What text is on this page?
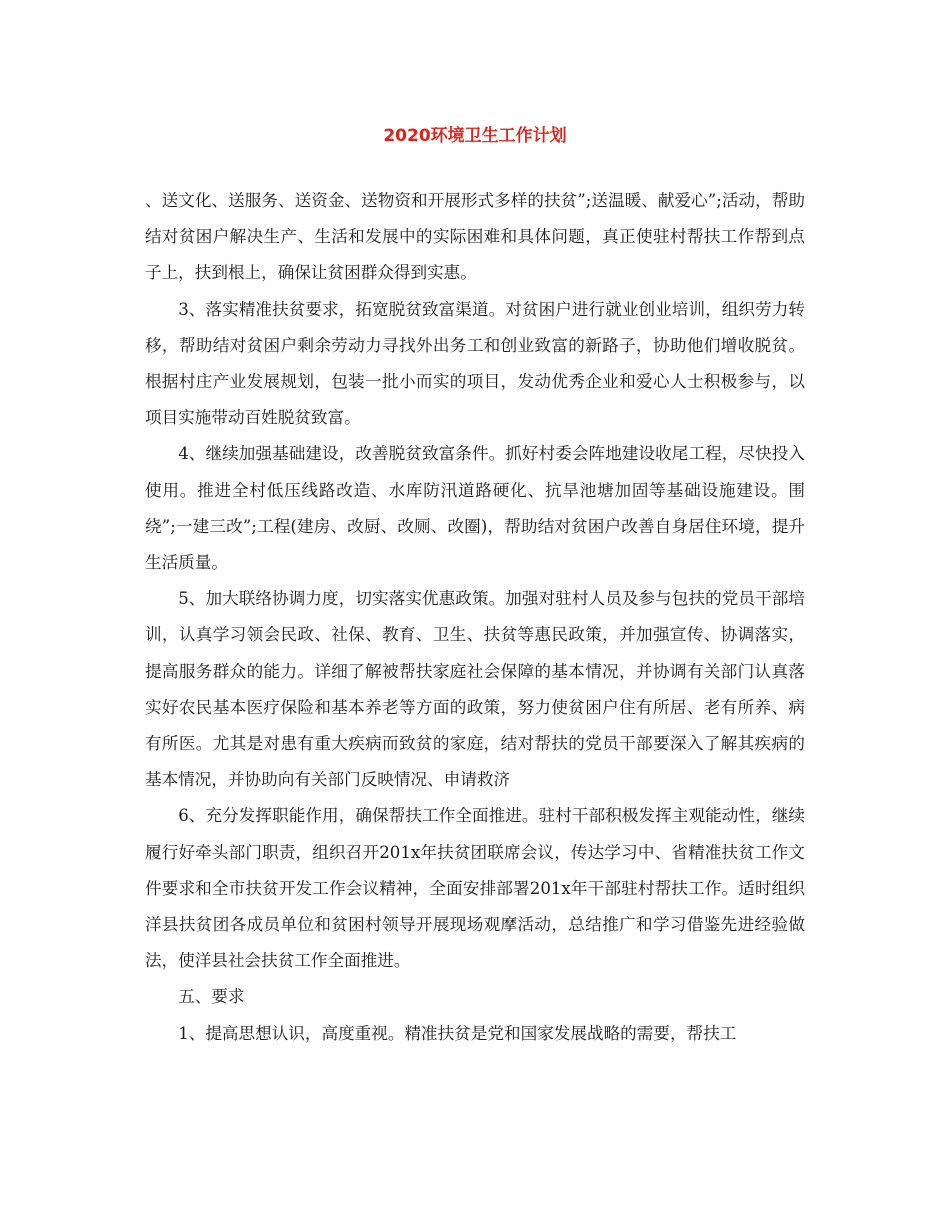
2020环境卫生工作计划

、送文化、送服务、送资金、送物资和开展形式多样的扶贫”;送温暖、献爱心”;活动，帮助结对贫困户解决生产、生活和发展中的实际困难和具体问题，真正使驻村帮扶工作帮到点子上，扶到根上，确保让贫困群众得到实惠。

3、落实精准扶贫要求，拓宽脱贫致富渠道。对贫困户进行就业创业培训，组织劳力转移，帮助结对贫困户剩余劳动力寻找外出务工和创业致富的新路子，协助他们增收脱贫。根据村庄产业发展规划，包装一批小而实的项目，发动优秀企业和爱心人士积极参与，以项目实施带动百姓脱贫致富。

4、继续加强基础建设，改善脱贫致富条件。抓好村委会阵地建设收尾工程，尽快投入使用。推进全村低压线路改造、水库防汛道路硬化、抗旱池塘加固等基础设施建设。围绕”;一建三改”;工程(建房、改厨、改厕、改圈)，帮助结对贫困户改善自身居住环境，提升生活质量。

5、加大联络协调力度，切实落实优惠政策。加强对驻村人员及参与包扶的党员干部培训，认真学习领会民政、社保、教育、卫生、扶贫等惠民政策，并加强宣传、协调落实，提高服务群众的能力。详细了解被帮扶家庭社会保障的基本情况，并协调有关部门认真落实好农民基本医疗保险和基本养老等方面的政策，努力使贫困户住有所居、老有所养、病有所医。尤其是对患有重大疾病而致贫的家庭，结对帮扶的党员干部要深入了解其疾病的基本情况，并协助向有关部门反映情况、申请救济

6、充分发挥职能作用，确保帮扶工作全面推进。驻村干部积极发挥主观能动性，继续履行好牵头部门职责，组织召开201x年扶贫团联席会议，传达学习中、省精准扶贫工作文件要求和全市扶贫开发工作会议精神，全面安排部署201x年干部驻村帮扶工作。适时组织洋县扶贫团各成员单位和贫困村领导开展现场观摩活动，总结推广和学习借鉴先进经验做法，使洋县社会扶贫工作全面推进。

五、要求

1、提高思想认识，高度重视。精准扶贫是党和国家发展战略的需要，帮扶工
